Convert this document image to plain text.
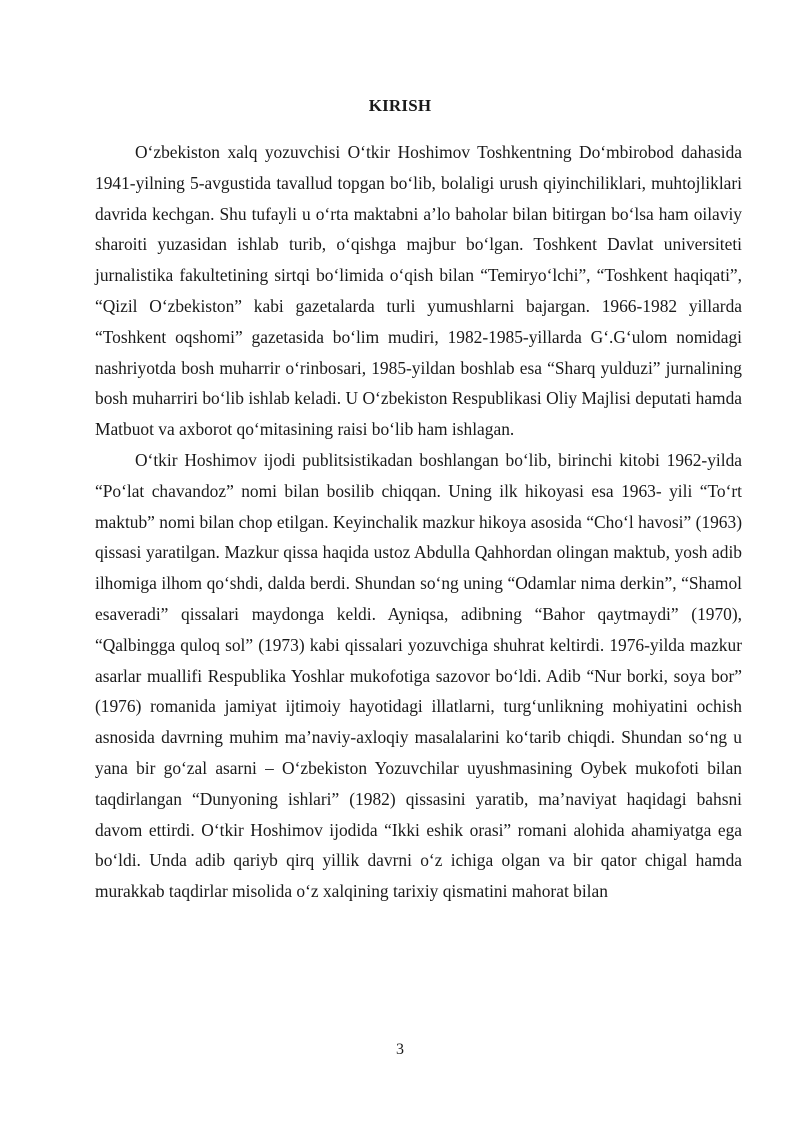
KIRISH

O‘zbekiston xalq yozuvchisi O‘tkir Hoshimov Toshkentning Do‘mbirobod dahasida 1941-yilning 5-avgustida tavallud topgan bo‘lib, bolaligi urush qiyinchiliklari, muhtojliklari davrida kechgan. Shu tufayli u o‘rta maktabni a’lo baholar bilan bitirgan bo‘lsa ham oilaviy sharoiti yuzasidan ishlab turib, o‘qishga majbur bo‘lgan. Toshkent Davlat universiteti jurnalistika fakultetining sirtqi bo‘limida o‘qish bilan “Temiryo‘lchi”, “Toshkent haqiqati”, “Qizil O‘zbekiston” kabi gazetalarda turli yumushlarni bajargan. 1966-1982 yillarda “Toshkent oqshomi” gazetasida bo‘lim mudiri, 1982-1985-yillarda G‘.G‘ulom nomidagi nashriyotda bosh muharrir o‘rinbosari, 1985-yildan boshlab esa “Sharq yulduzi” jurnalining bosh muharriri bo‘lib ishlab keladi. U O‘zbekiston Respublikasi Oliy Majlisi deputati hamda Matbuot va axborot qo‘mitasining raisi bo‘lib ham ishlagan.

O‘tkir Hoshimov ijodi publitsistikadan boshlangan bo‘lib, birinchi kitobi 1962-yilda “Po‘lat chavandoz” nomi bilan bosilib chiqqan. Uning ilk hikoyasi esa 1963- yili “To‘rt maktub” nomi bilan chop etilgan. Keyinchalik mazkur hikoya asosida “Cho‘l havosi” (1963) qissasi yaratilgan. Mazkur qissa haqida ustoz Abdulla Qahhordan olingan maktub, yosh adib ilhomiga ilhom qo‘shdi, dalda berdi. Shundan so‘ng uning “Odamlar nima derkin”, “Shamol esaveradi” qissalari maydonga keldi. Ayniqsa, adibning “Bahor qaytmaydi” (1970), “Qalbingga quloq sol” (1973) kabi qissalari yozuvchiga shuhrat keltirdi. 1976-yilda mazkur asarlar muallifi Respublika Yoshlar mukofotiga sazovor bo‘ldi. Adib “Nur borki, soya bor” (1976) romanida jamiyat ijtimoiy hayotidagi illatlarni, turg‘unlikning mohiyatini ochish asnosida davrning muhim ma’naviy-axloqiy masalalarini ko‘tarib chiqdi. Shundan so‘ng u yana bir go‘zal asarni – O‘zbekiston Yozuvchilar uyushmasining Oybek mukofoti bilan taqdirlangan “Dunyoning ishlari” (1982) qissasini yaratib, ma’naviyat haqidagi bahsni davom ettirdi. O‘tkir Hoshimov ijodida “Ikki eshik orasi” romani alohida ahamiyatga ega bo‘ldi. Unda adib qariyb qirq yillik davrni o‘z ichiga olgan va bir qator chigal hamda murakkab taqdirlar misolida o‘z xalqining tarixiy qismatini mahorat bilan

3
